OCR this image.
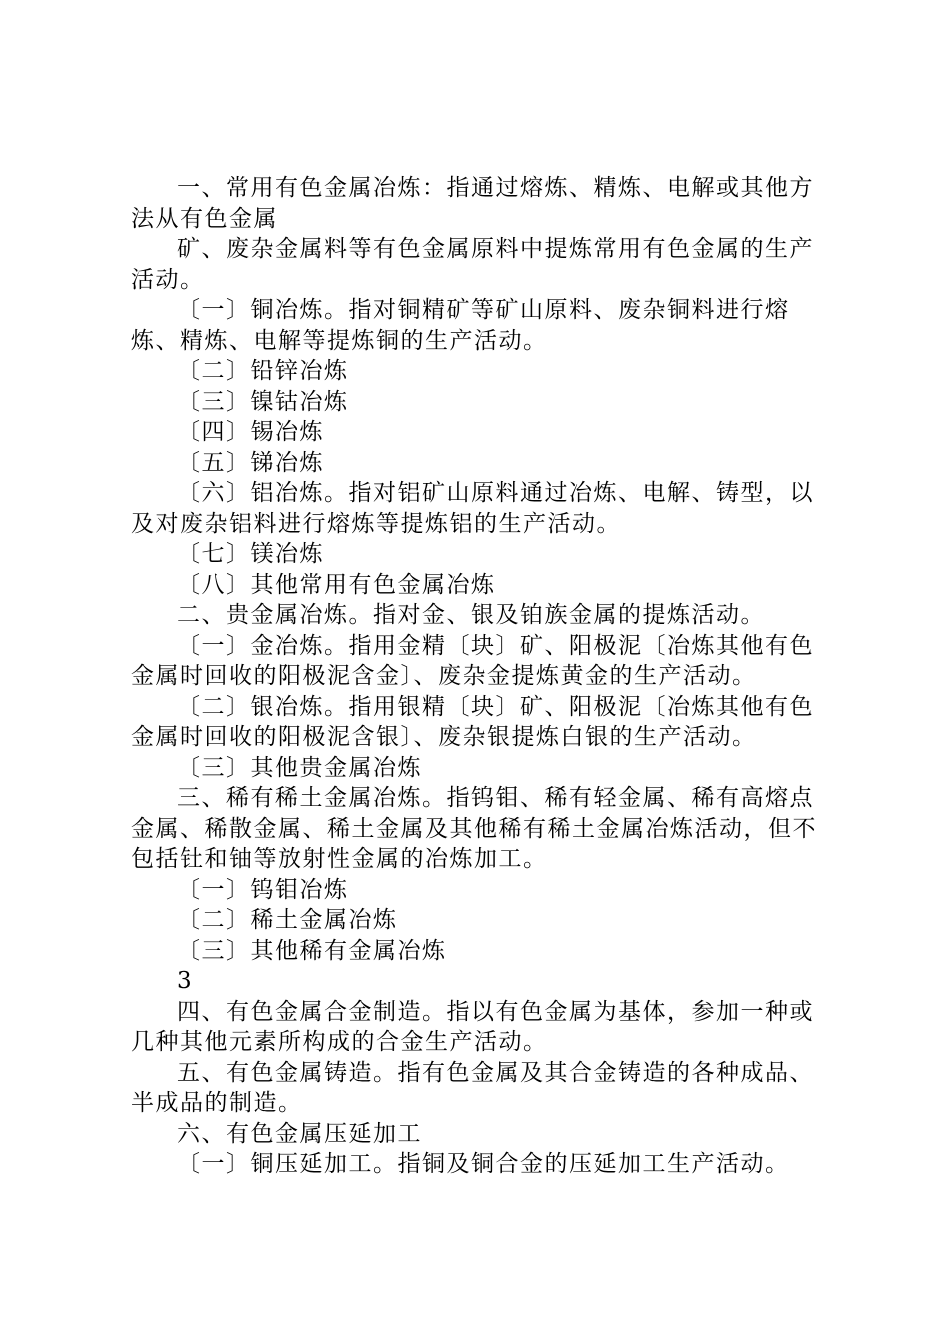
一、常用有色金属冶炼：指通过熔炼、精炼、电解或其他方法从有色金属

矿、废杂金属料等有色金属原料中提炼常用有色金属的生产活动。

〔一〕铜冶炼。指对铜精矿等矿山原料、废杂铜料进行熔炼、精炼、电解等提炼铜的生产活动。

〔二〕铅锌冶炼

〔三〕镍钴冶炼

〔四〕锡冶炼

〔五〕锑冶炼

〔六〕铝冶炼。指对铝矿山原料通过冶炼、电解、铸型，以及对废杂铝料进行熔炼等提炼铝的生产活动。

〔七〕镁冶炼

〔八〕其他常用有色金属冶炼

二、贵金属冶炼。指对金、银及铂族金属的提炼活动。

〔一〕金冶炼。指用金精〔块〕矿、阳极泥〔冶炼其他有色金属时回收的阳极泥含金〕、废杂金提炼黄金的生产活动。

〔二〕银冶炼。指用银精〔块〕矿、阳极泥〔冶炼其他有色金属时回收的阳极泥含银〕、废杂银提炼白银的生产活动。

〔三〕其他贵金属冶炼

三、稀有稀土金属冶炼。指钨钼、稀有轻金属、稀有高熔点金属、稀散金属、稀土金属及其他稀有稀土金属冶炼活动，但不包括钍和铀等放射性金属的冶炼加工。

〔一〕钨钼冶炼

〔二〕稀土金属冶炼

〔三〕其他稀有金属冶炼

3

四、有色金属合金制造。指以有色金属为基体，参加一种或几种其他元素所构成的合金生产活动。

五、有色金属铸造。指有色金属及其合金铸造的各种成品、半成品的制造。

六、有色金属压延加工

〔一〕铜压延加工。指铜及铜合金的压延加工生产活动。
